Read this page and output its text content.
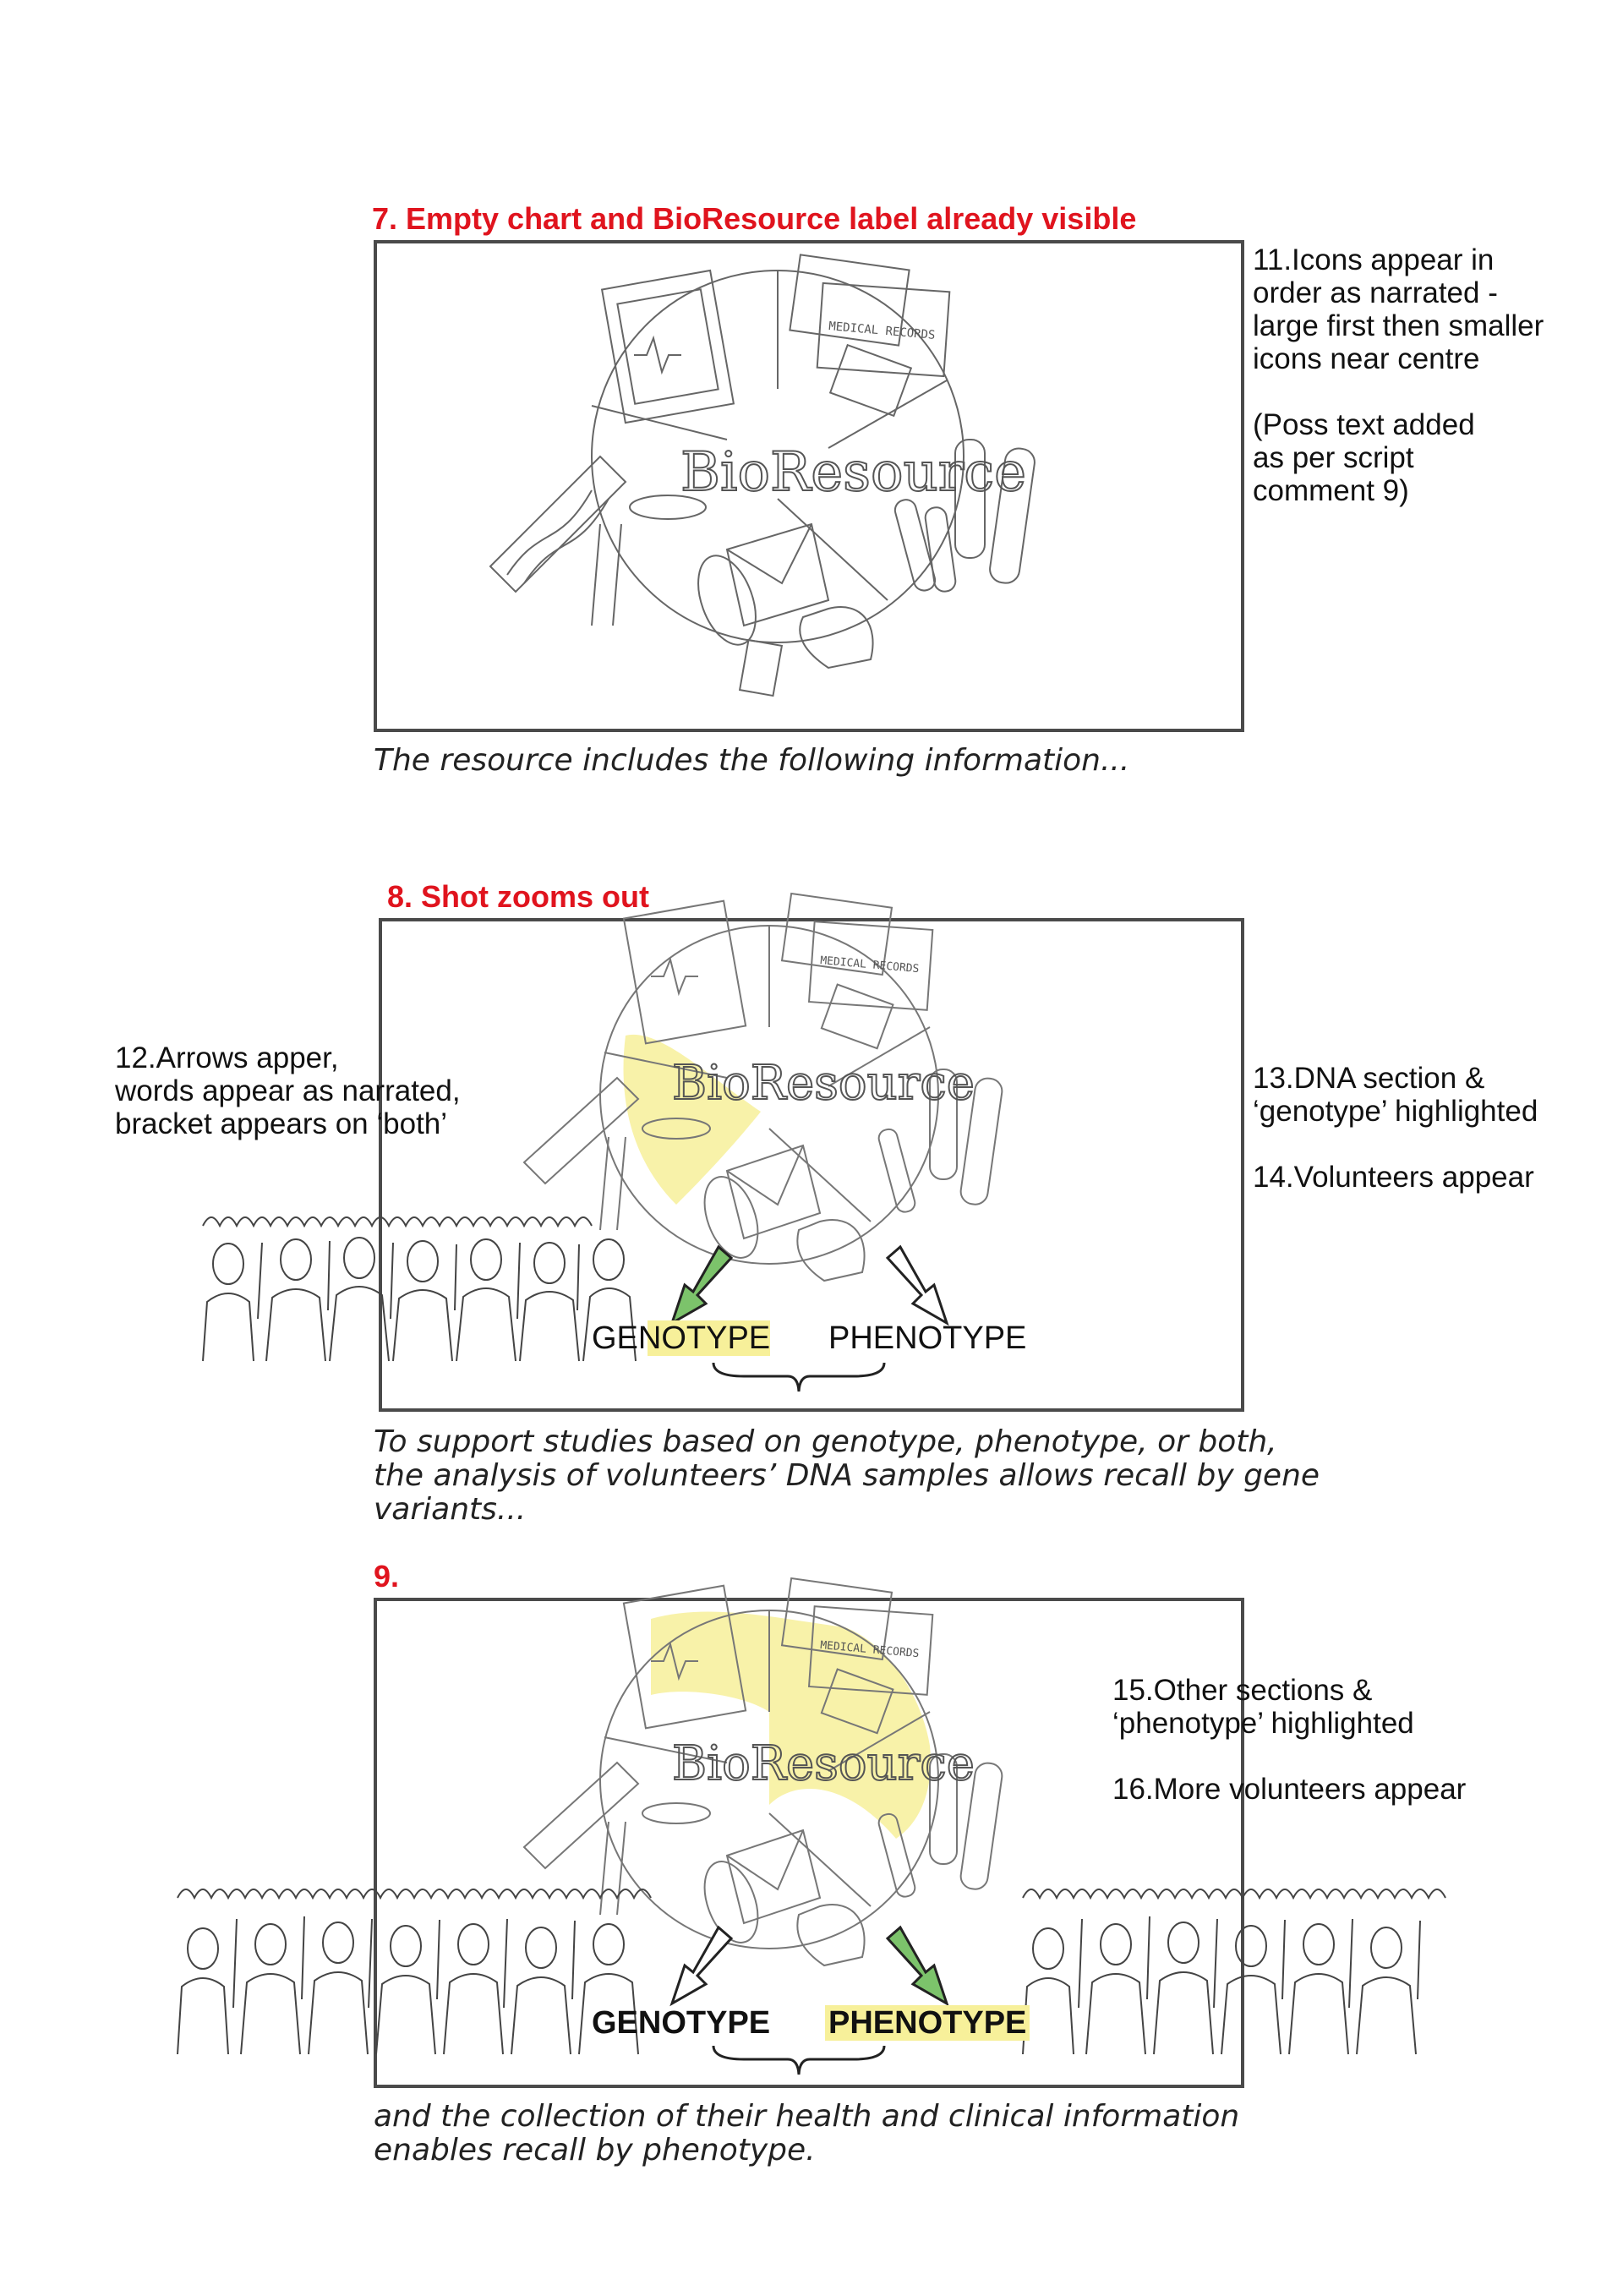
7. Empty chart and BioResource label already visible
BioResource
MEDICAL RECORDS

11.Icons appear in

order as narrated -

large first then smaller

icons near centre

(Poss text added

as per script

comment 9)

The resource includes the following information...
8. Shot zooms out
BioResource
MEDICAL RECORDS

12.Arrows apper,

words appear as narrated,

bracket appears on ‘both’

13.DNA section &

‘genotype’ highlighted

14.Volunteers appear

GENOTYPE PHENOTYPE
To support studies based on genotype, phenotype, or both,
the analysis of volunteers’ DNA samples allows recall by gene
variants...
9.
BioResource
MEDICAL RECORDS

15.Other sections &

‘phenotype’ highlighted

16.More volunteers appear

GENOTYPE PHENOTYPE
and the collection of their health and clinical information
enables recall by phenotype.
